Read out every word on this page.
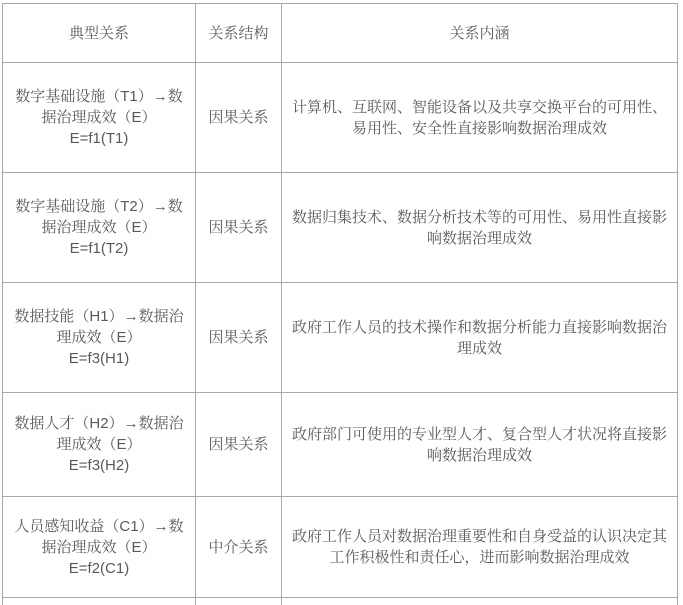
典型关系	关系结构	关系内涵

数字基础设施（T1）→数据治理成效（E）
E=f1(T1)	因果关系	计算机、互联网、智能设备以及共享交换平台的可用性、易用性、安全性直接影响数据治理成效

数字基础设施（T2）→数据治理成效（E）
E=f1(T2)	因果关系	数据归集技术、数据分析技术等的可用性、易用性直接影响数据治理成效

数据技能（H1）→数据治理成效（E）
E=f3(H1)	因果关系	政府工作人员的技术操作和数据分析能力直接影响数据治理成效

数据人才（H2）→数据治理成效（E）
E=f3(H2)	因果关系	政府部门可使用的专业型人才、复合型人才状况将直接影响数据治理成效

人员感知收益（C1）→数据治理成效（E）
E=f2(C1)	中介关系	政府工作人员对数据治理重要性和自身受益的认识决定其工作积极性和责任心，进而影响数据治理成效
